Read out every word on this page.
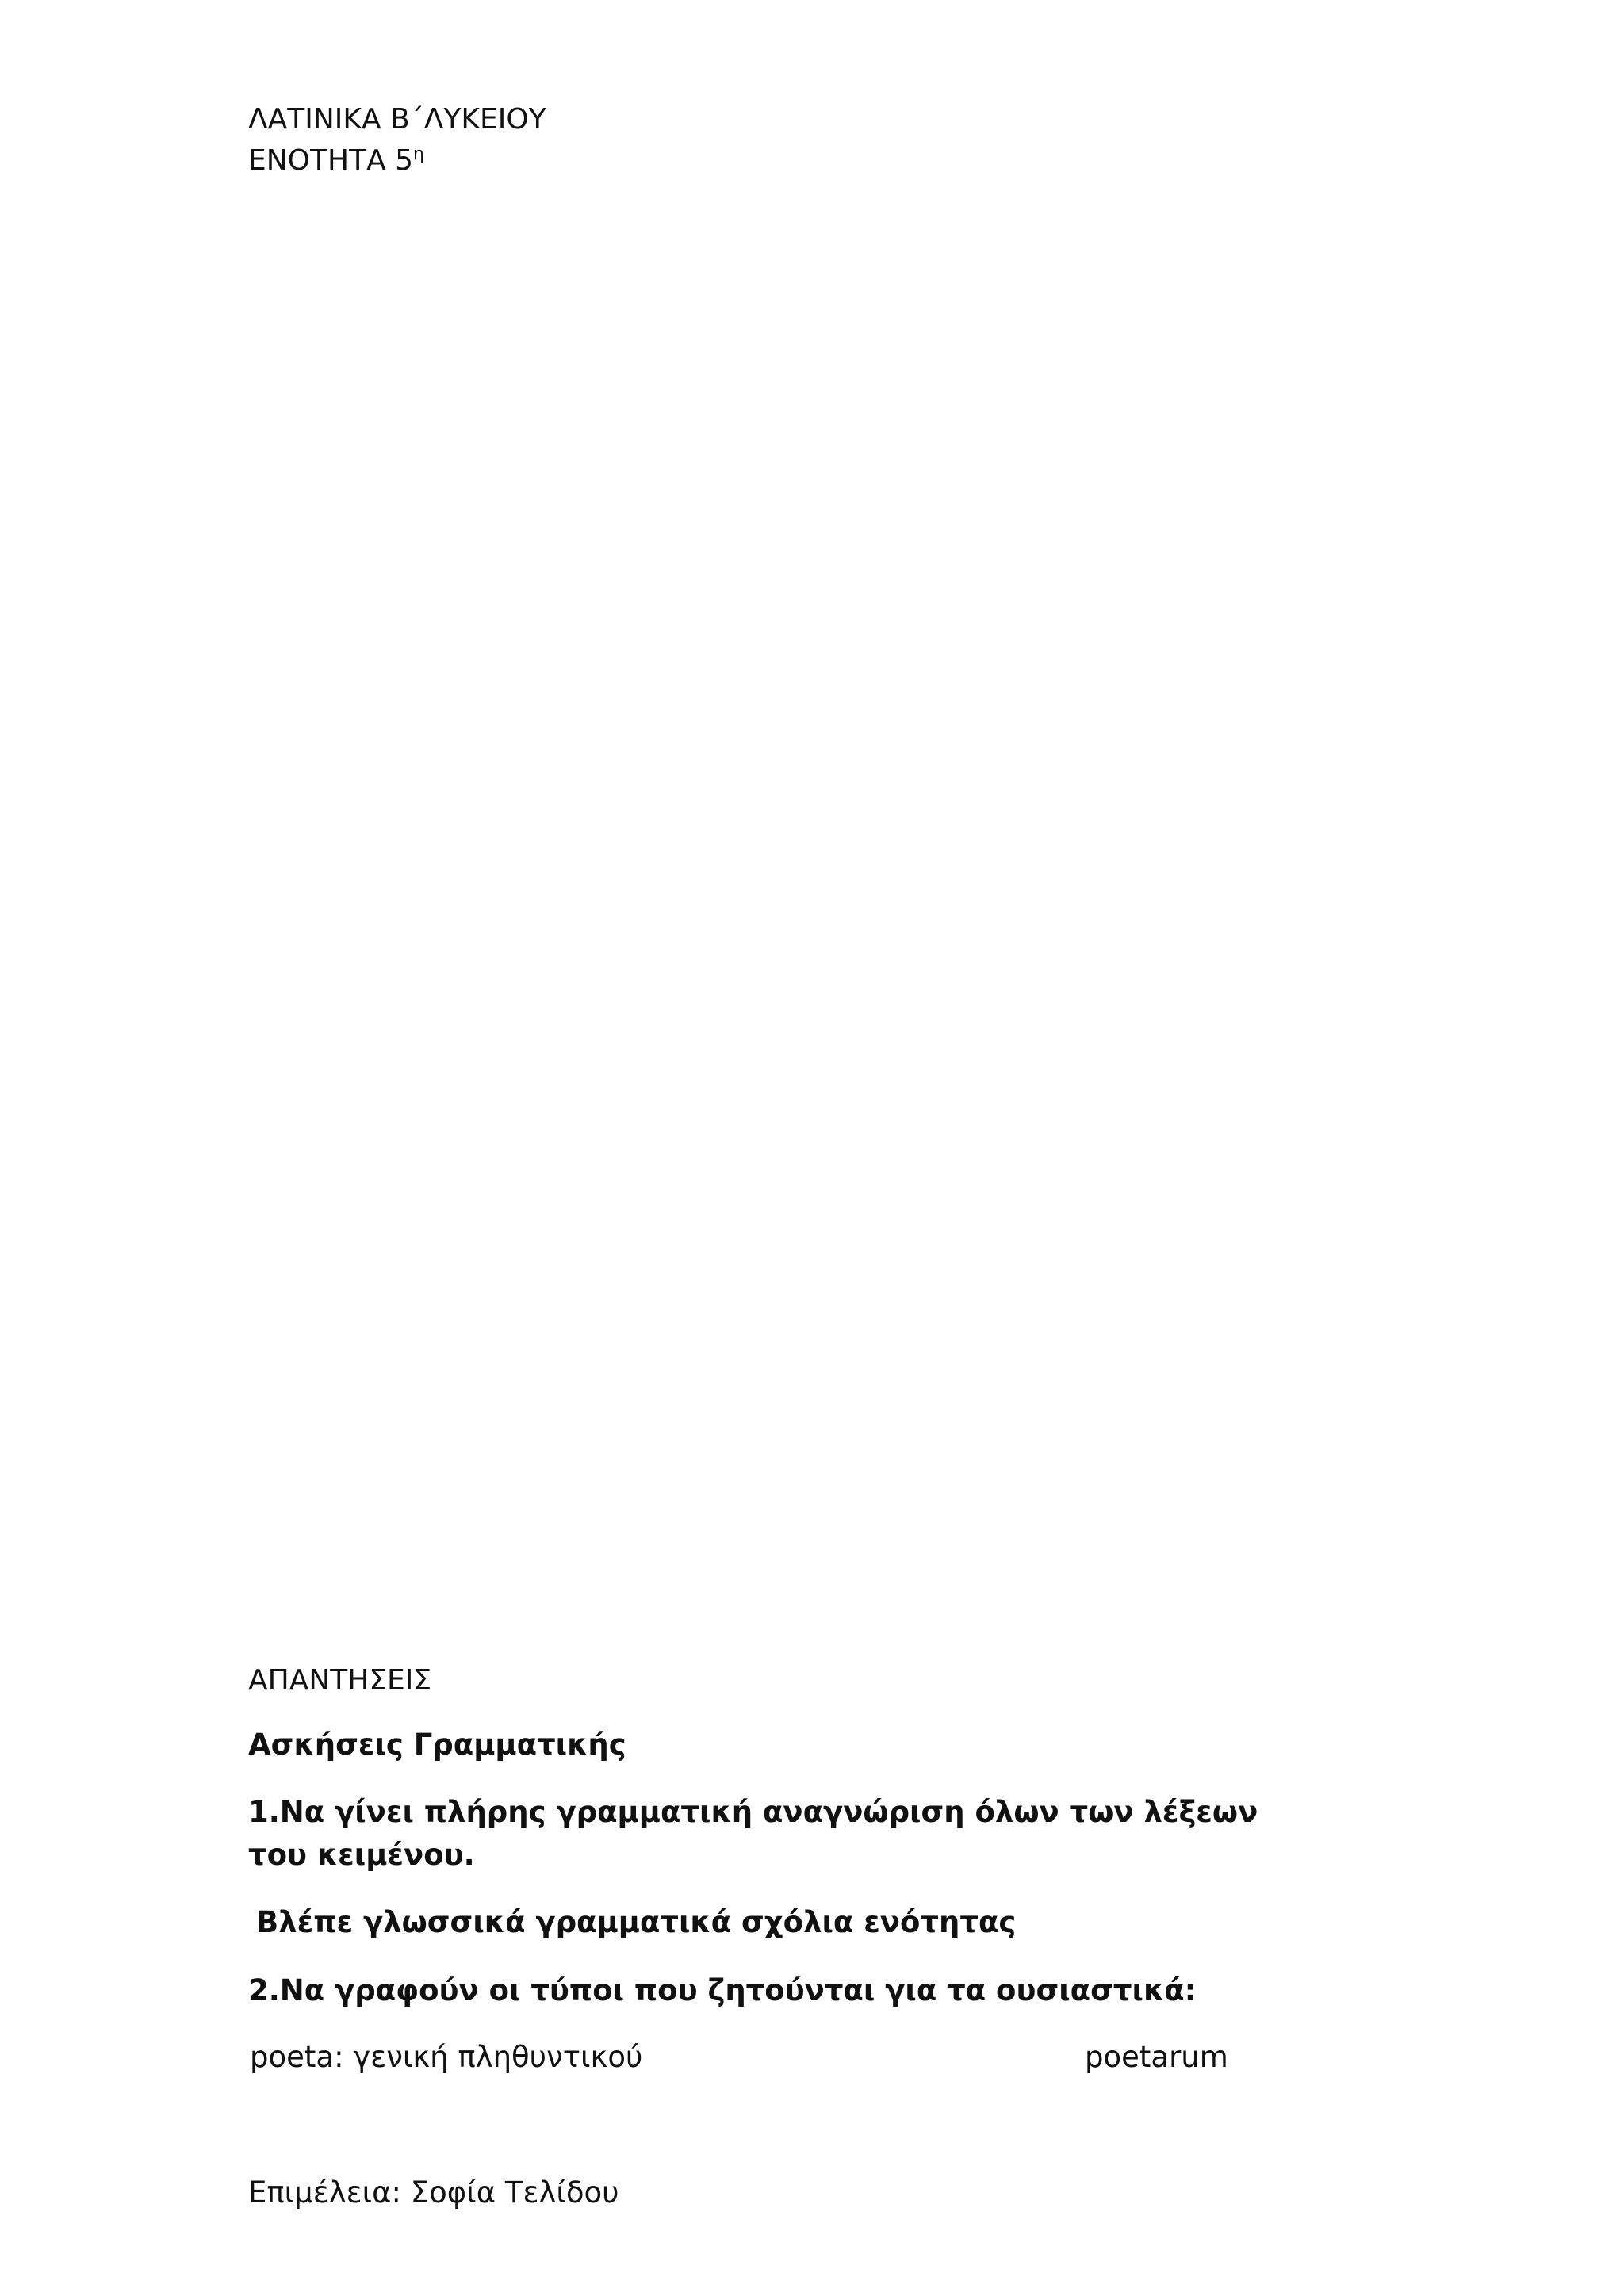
ΛΑΤΙΝΙΚΑ Β΄ΛΥΚΕΙΟΥ
ΕΝΟΤΗΤΑ $5^\eta$
ΑΠΑΝΤΗΣΕΙΣ
Ασκήσεις Γραμματικής
1.Να γίνει πλήρης γραμματική αναγνώριση όλων των λέξεων του κειμένου.
Βλέπε γλωσσικά γραμματικά σχόλια ενότητας
2.Να γραφούν οι τύποι που ζητούνται για τα ουσιαστικά:
poeta: γενική πληθυντικού	poetarum
Επιμέλεια: Σοφία Τελίδου
